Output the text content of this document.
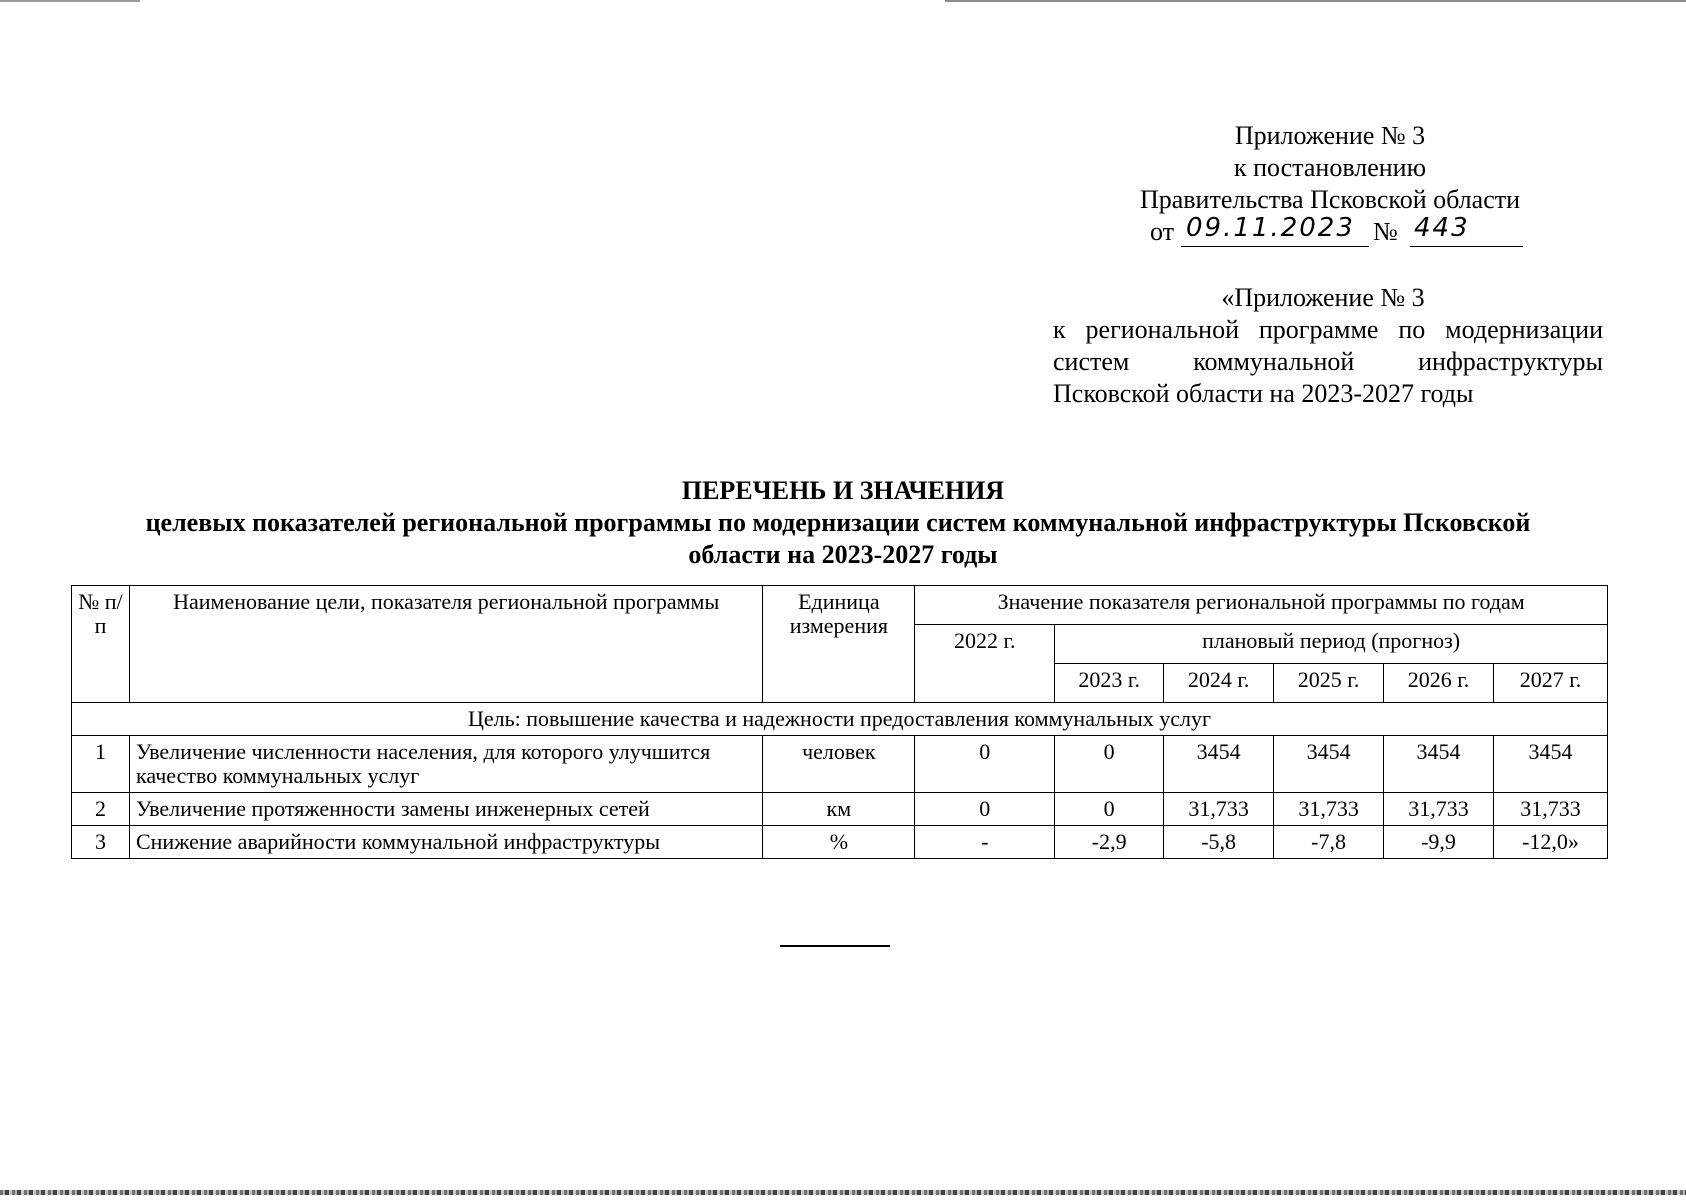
Приложение № 3
к постановлению
Правительства Псковской области
от 09.11.2023 № 443
«Приложение № 3
к региональной программе по модернизации
систем коммунальной инфраструктуры
Псковской области на 2023-2027 годы
ПЕРЕЧЕНЬ И ЗНАЧЕНИЯ
целевых показателей региональной программы по модернизации систем коммунальной инфраструктуры Псковской
области на 2023-2027 годы
№ п/п	Наименование цели, показателя региональной программы	Единица измерения	Значение показателя региональной программы по годам					
			2022 г.	плановый период (прогноз)				
				2023 г.	2024 г.	2025 г.	2026 г.	2027 г.
Цель: повышение качества и надежности предоставления коммунальных услуг								
1	Увеличение численности населения, для которого улучшится качество коммунальных услуг	человек	0	0	3454	3454	3454	3454
2	Увеличение протяженности замены инженерных сетей	км	0	0	31,733	31,733	31,733	31,733
3	Снижение аварийности коммунальной инфраструктуры	%	-	-2,9	-5,8	-7,8	-9,9	-12,0»
